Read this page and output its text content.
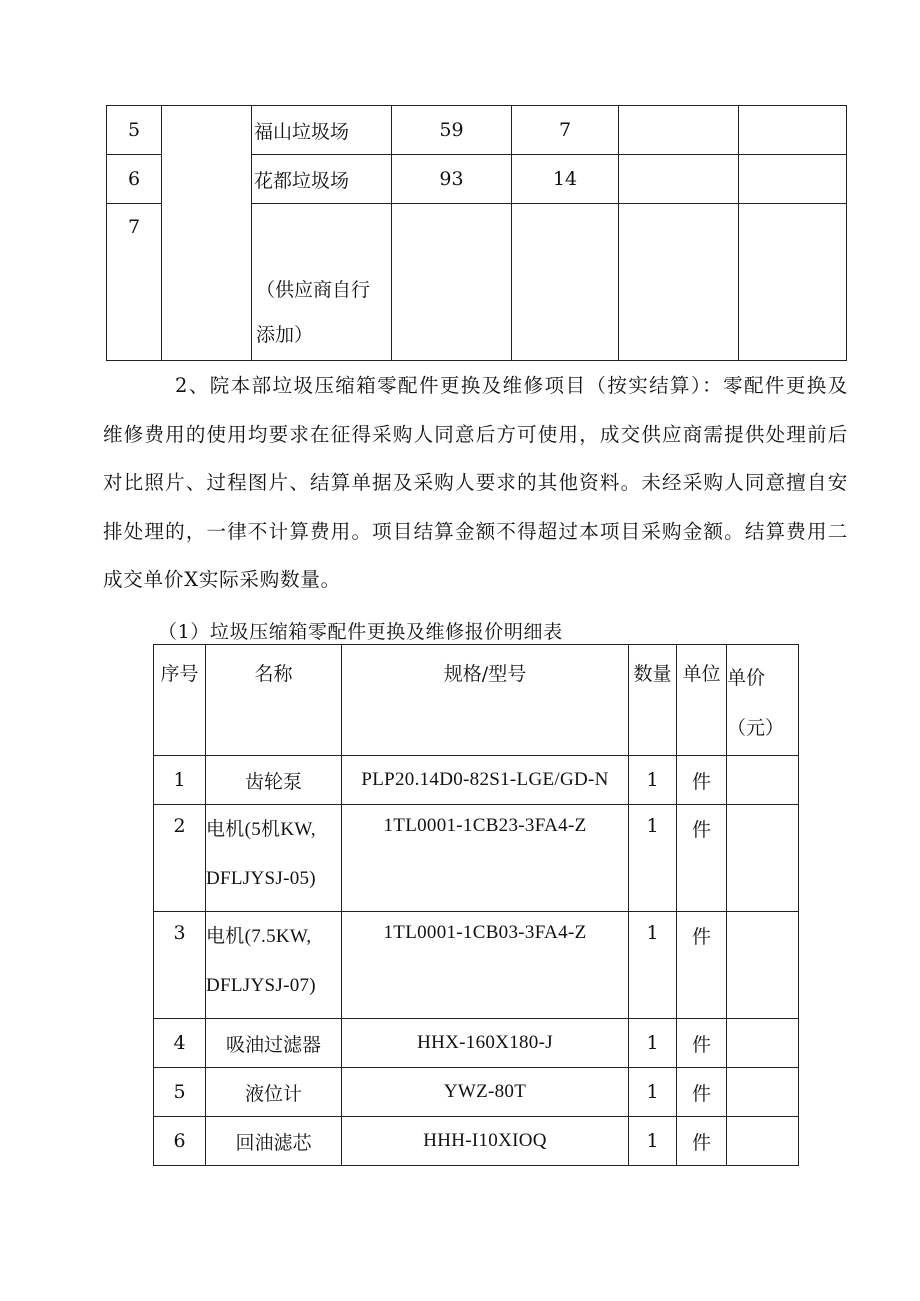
5		福山垃圾场	59	7		
6		花都垃圾场	93	14		
7		（供应商自行
添加）				
2、院本部垃圾压缩箱零配件更换及维修项目（按实结算）：零配件更换及维修费用的使用均要求在征得采购人同意后方可使用，成交供应商需提供处理前后对比照片、过程图片、结算单据及采购人要求的其他资料。未经采购人同意擅自安排处理的，一律不计算费用。项目结算金额不得超过本项目采购金额。结算费用二成交单价X实际采购数量。
（1）垃圾压缩箱零配件更换及维修报价明细表
序号	名称	规格/型号	数量	单位	单价
（元）
1	齿轮泵	PLP20.14D0-82S1-LGE/GD-N	1	件	
2	电机(5机KW,
DFLJYSJ-05)	1TL0001-1CB23-3FA4-Z	1	件	
3	电机(7.5KW,
DFLJYSJ-07)	1TL0001-1CB03-3FA4-Z	1	件	
4	吸油过滤器	HHX-160X180-J	1	件	
5	液位计	YWZ-80T	1	件	
6	回油滤芯	HHH-I10XIOQ	1	件	
